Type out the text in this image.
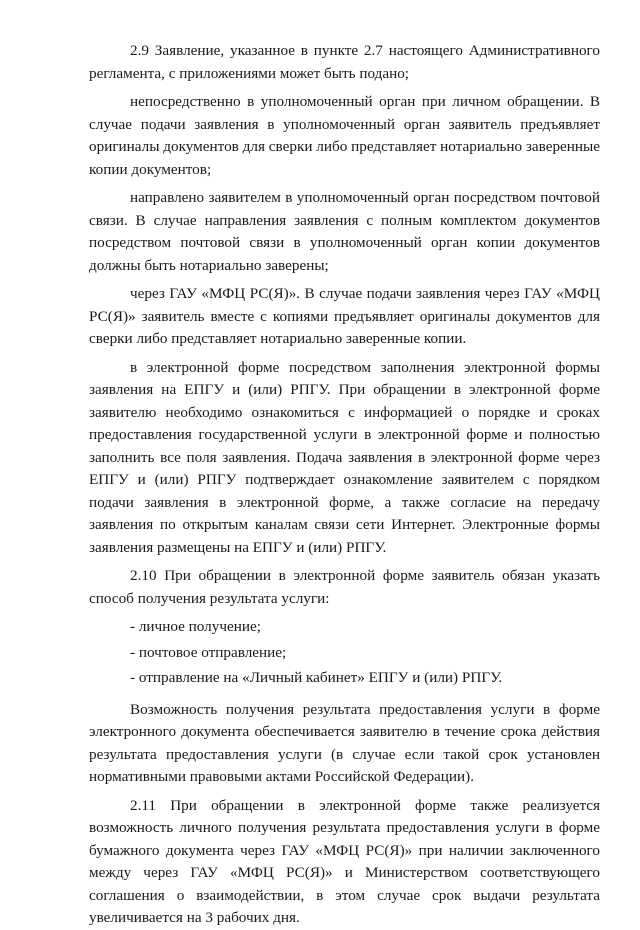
2.9 Заявление, указанное в пункте 2.7 настоящего Административного регламента, с приложениями может быть подано;

непосредственно в уполномоченный орган при личном обращении. В случае подачи заявления в уполномоченный орган заявитель предъявляет оригиналы документов для сверки либо представляет нотариально заверенные копии документов;

направлено заявителем в уполномоченный орган посредством почтовой связи. В случае направления заявления с полным комплектом документов посредством почтовой связи в уполномоченный орган копии документов должны быть нотариально заверены;

через ГАУ «МФЦ РС(Я)». В случае подачи заявления через ГАУ «МФЦ РС(Я)» заявитель вместе с копиями предъявляет оригиналы документов для сверки либо представляет нотариально заверенные копии.

в электронной форме посредством заполнения электронной формы заявления на ЕПГУ и (или) РПГУ. При обращении в электронной форме заявителю необходимо ознакомиться с информацией о порядке и сроках предоставления государственной услуги в электронной форме и полностью заполнить все поля заявления. Подача заявления в электронной форме через ЕПГУ и (или) РПГУ подтверждает ознакомление заявителем с порядком подачи заявления в электронной форме, а также согласие на передачу заявления по открытым каналам связи сети Интернет. Электронные формы заявления размещены на ЕПГУ и (или) РПГУ.

2.10 При обращении в электронной форме заявитель обязан указать способ получения результата услуги:

- личное получение;

- почтовое отправление;

- отправление на «Личный кабинет» ЕПГУ и (или) РПГУ.

Возможность получения результата предоставления услуги в форме электронного документа обеспечивается заявителю в течение срока действия результата предоставления услуги (в случае если такой срок установлен нормативными правовыми актами Российской Федерации).

2.11 При обращении в электронной форме также реализуется возможность личного получения результата предоставления услуги в форме бумажного документа через ГАУ «МФЦ РС(Я)» при наличии заключенного между через ГАУ «МФЦ РС(Я)» и Министерством соответствующего соглашения о взаимодействии, в этом случае срок выдачи результата увеличивается на 3 рабочих дня.
